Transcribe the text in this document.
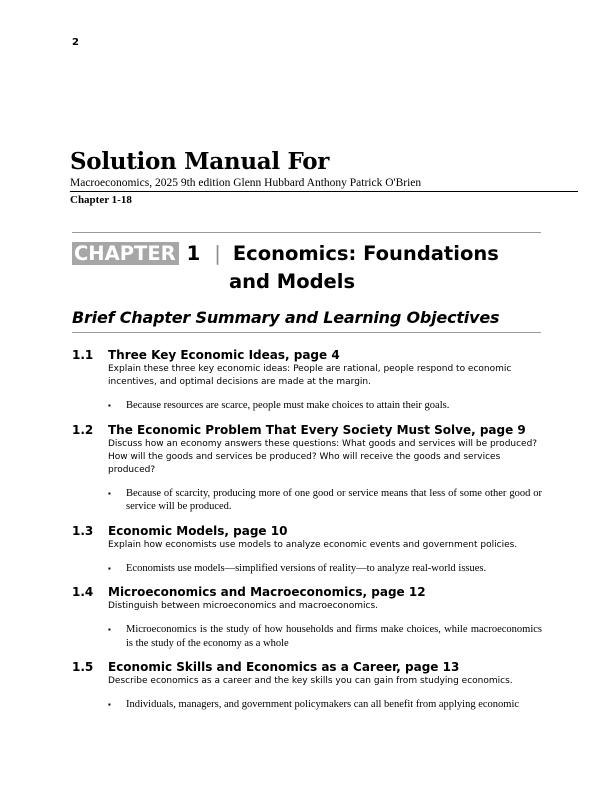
2
Solution Manual For
Macroeconomics, 2025 9th edition Glenn Hubbard Anthony Patrick O'Brien
Chapter 1-18
CHAPTER 1 | Economics: Foundations
and Models
Brief Chapter Summary and Learning Objectives
1.1 Three Key Economic Ideas, page 4
Explain these three key economic ideas: People are rational, people respond to economic incentives, and optimal decisions are made at the margin.
▪ Because resources are scarce, people must make choices to attain their goals.
1.2 The Economic Problem That Every Society Must Solve, page 9
Discuss how an economy answers these questions: What goods and services will be produced? How will the goods and services be produced? Who will receive the goods and services produced?
▪ Because of scarcity, producing more of one good or service means that less of some other good or service will be produced.
1.3 Economic Models, page 10
Explain how economists use models to analyze economic events and government policies.
▪ Economists use models—simplified versions of reality—to analyze real-world issues.
1.4 Microeconomics and Macroeconomics, page 12
Distinguish between microeconomics and macroeconomics.
▪ Microeconomics is the study of how households and firms make choices, while macroeconomics is the study of the economy as a whole
1.5 Economic Skills and Economics as a Career, page 13
Describe economics as a career and the key skills you can gain from studying economics.
▪ Individuals, managers, and government policymakers can all benefit from applying economic
